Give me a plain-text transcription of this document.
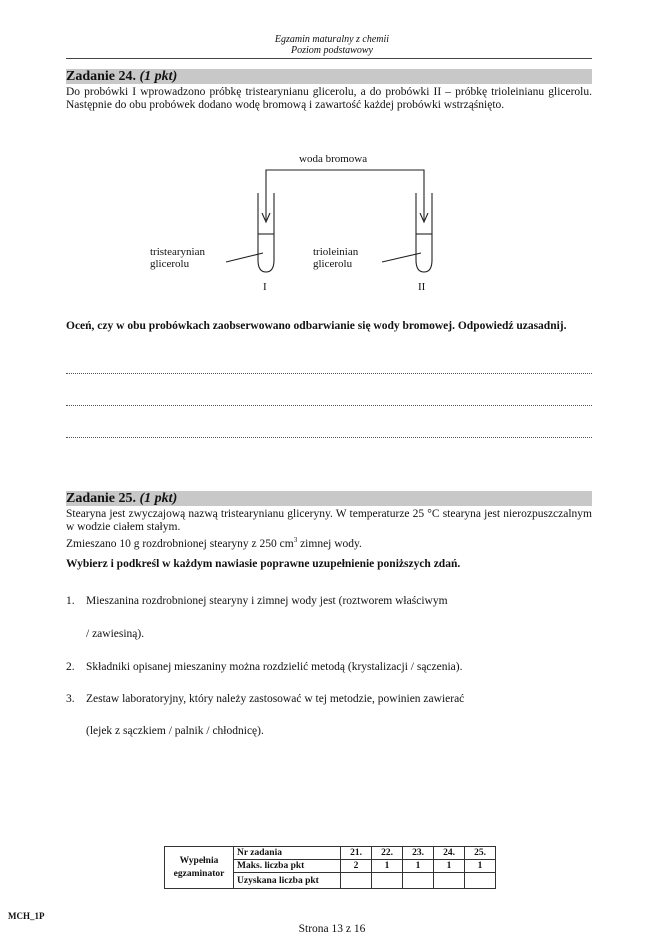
Egzamin maturalny z chemii
Poziom podstawowy
Zadanie 24. (1 pkt)
Do probówki I wprowadzono próbkę tristearynianu glicerolu, a do probówki II – próbkę trioleinianu glicerolu. Następnie do obu probówek dodano wodę bromową i zawartość każdej probówki wstrząśnięto.
woda bromowa
tristearynian
glicerolu
trioleinian
glicerolu
I	II
Oceń, czy w obu probówkach zaobserwowano odbarwianie się wody bromowej. Odpowiedź uzasadnij.
Zadanie 25. (1 pkt)
Stearyna jest zwyczajową nazwą tristearynianu gliceryny. W temperaturze 25 °C stearyna jest nierozpuszczalnym w wodzie ciałem stałym.
Zmieszano 10 g rozdrobnionej stearyny z 250 $cm^3$ zimnej wody.
Wybierz i podkreśl w każdym nawiasie poprawne uzupełnienie poniższych zdań.
1. Mieszanina rozdrobnionej stearyny i zimnej wody jest (roztworem właściwym
/ zawiesiną).
2. Składniki opisanej mieszaniny można rozdzielić metodą (krystalizacji / sączenia).
3. Zestaw laboratoryjny, który należy zastosować w tej metodzie, powinien zawierać
(lejek z sączkiem / palnik / chłodnicę).
Wypełnia egzaminator	Nr zadania	21.	22.	23.	24.	25.
	Maks. liczba pkt	2	1	1	1	1
	Uzyskana liczba pkt					
MCH_1P
Strona 13 z 16
